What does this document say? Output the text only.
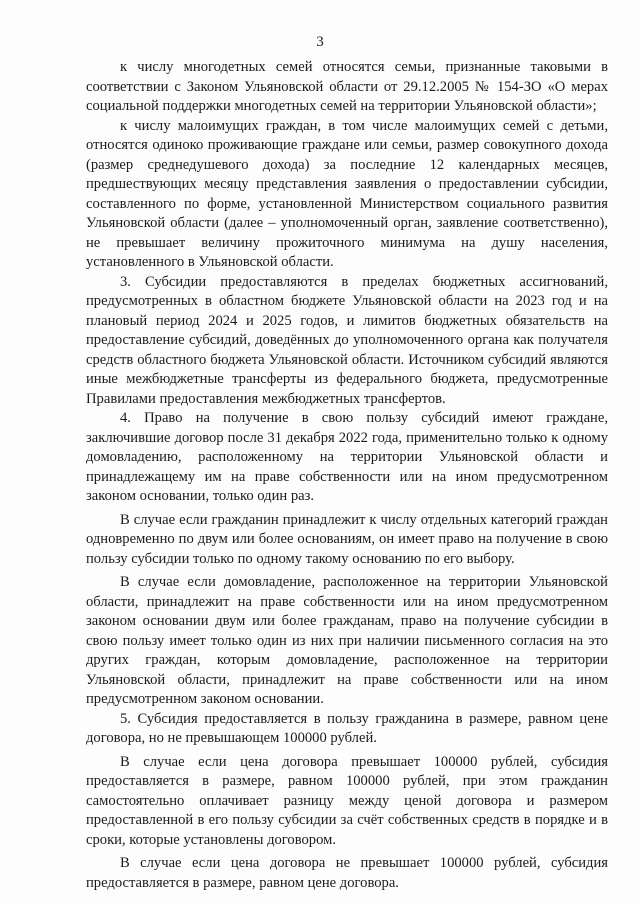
3

к числу многодетных семей относятся семьи, признанные таковыми в соответствии с Законом Ульяновской области от 29.12.2005 № 154-ЗО «О мерах социальной поддержки многодетных семей на территории Ульяновской области»;

к числу малоимущих граждан, в том числе малоимущих семей с детьми, относятся одиноко проживающие граждане или семьи, размер совокупного дохода (размер среднедушевого дохода) за последние 12 календарных месяцев, предшествующих месяцу представления заявления о предоставлении субсидии, составленного по форме, установленной Министерством социального развития Ульяновской области (далее – уполномоченный орган, заявление соответственно), не превышает величину прожиточного минимума на душу населения, установленного в Ульяновской области.

3. Субсидии предоставляются в пределах бюджетных ассигнований, предусмотренных в областном бюджете Ульяновской области на 2023 год и на плановый период 2024 и 2025 годов, и лимитов бюджетных обязательств на предоставление субсидий, доведённых до уполномоченного органа как получателя средств областного бюджета Ульяновской области. Источником субсидий являются иные межбюджетные трансферты из федерального бюджета, предусмотренные Правилами предоставления межбюджетных трансфертов.

4. Право на получение в свою пользу субсидий имеют граждане, заключившие договор после 31 декабря 2022 года, применительно только к одному домовладению, расположенному на территории Ульяновской области и принадлежащему им на праве собственности или на ином предусмотренном законом основании, только один раз.

В случае если гражданин принадлежит к числу отдельных категорий граждан одновременно по двум или более основаниям, он имеет право на получение в свою пользу субсидии только по одному такому основанию по его выбору.

В случае если домовладение, расположенное на территории Ульяновской области, принадлежит на праве собственности или на ином предусмотренном законом основании двум или более гражданам, право на получение субсидии в свою пользу имеет только один из них при наличии письменного согласия на это других граждан, которым домовладение, расположенное на территории Ульяновской области, принадлежит на праве собственности или на ином предусмотренном законом основании.

5. Субсидия предоставляется в пользу гражданина в размере, равном цене договора, но не превышающем 100000 рублей.

В случае если цена договора превышает 100000 рублей, субсидия предоставляется в размере, равном 100000 рублей, при этом гражданин самостоятельно оплачивает разницу между ценой договора и размером предоставленной в его пользу субсидии за счёт собственных средств в порядке и в сроки, которые установлены договором.

В случае если цена договора не превышает 100000 рублей, субсидия предоставляется в размере, равном цене договора.
